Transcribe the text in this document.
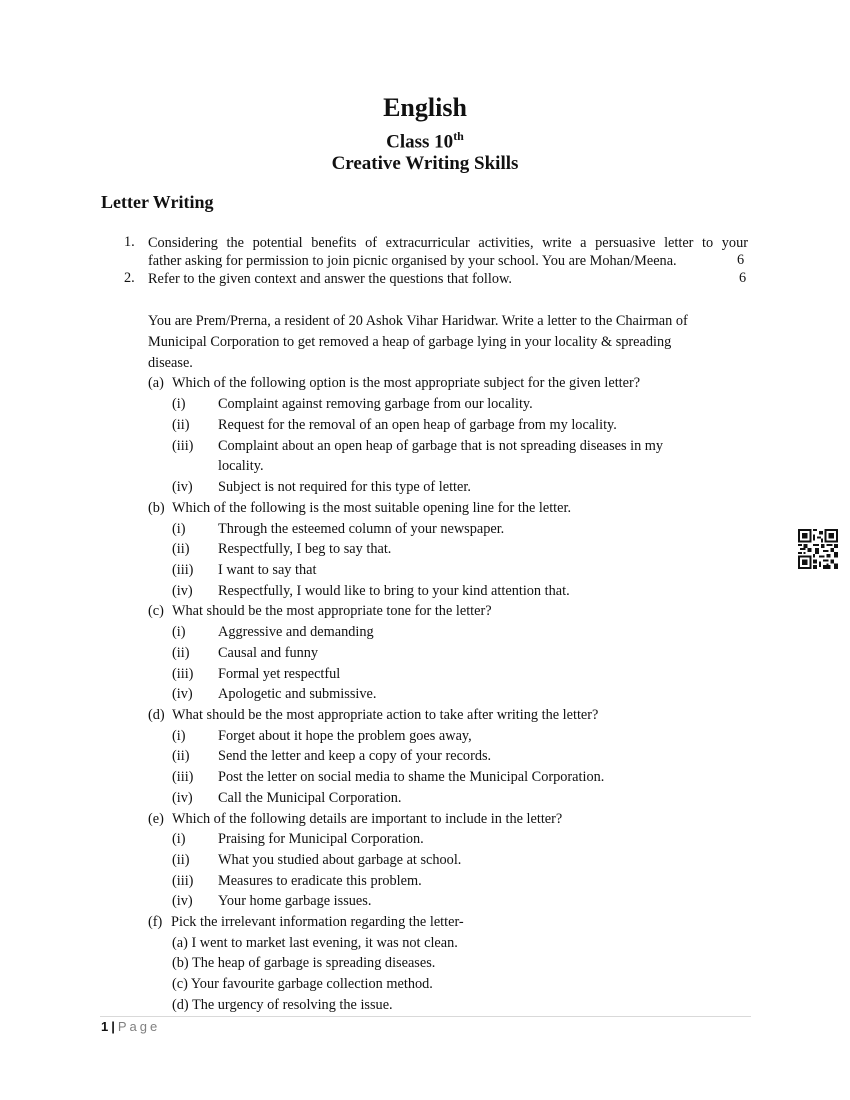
English
Class 10th
Creative Writing Skills
Letter Writing
1. Considering the potential benefits of extracurricular activities, write a persuasive letter to your
father asking for permission to join picnic organised by your school. You are Mohan/Meena.	6
2. Refer to the given context and answer the questions that follow.	6
You are Prem/Prerna, a resident of 20 Ashok Vihar Haridwar. Write a letter to the Chairman of
Municipal Corporation to get removed a heap of garbage lying in your locality & spreading
disease.
(a) Which of the following option is the most appropriate subject for the given letter?
(i) Complaint against removing garbage from our locality.
(ii) Request for the removal of an open heap of garbage from my locality.
(iii) Complaint about an open heap of garbage that is not spreading diseases in my
locality.
(iv) Subject is not required for this type of letter.
(b) Which of the following is the most suitable opening line for the letter.
(i) Through the esteemed column of your newspaper.
(ii) Respectfully, I beg to say that.
(iii) I want to say that
(iv) Respectfully, I would like to bring to your kind attention that.
(c) What should be the most appropriate tone for the letter?
(i) Aggressive and demanding
(ii) Causal and funny
(iii) Formal yet respectful
(iv) Apologetic and submissive.
(d) What should be the most appropriate action to take after writing the letter?
(i) Forget about it hope the problem goes away,
(ii) Send the letter and keep a copy of your records.
(iii) Post the letter on social media to shame the Municipal Corporation.
(iv) Call the Municipal Corporation.
(e) Which of the following details are important to include in the letter?
(i) Praising for Municipal Corporation.
(ii) What you studied about garbage at school.
(iii) Measures to eradicate this problem.
(iv) Your home garbage issues.
(f) Pick the irrelevant information regarding the letter-
(a) I went to market last evening, it was not clean.
(b) The heap of garbage is spreading diseases.
(c) Your favourite garbage collection method.
(d) The urgency of resolving the issue.
1 | Page
